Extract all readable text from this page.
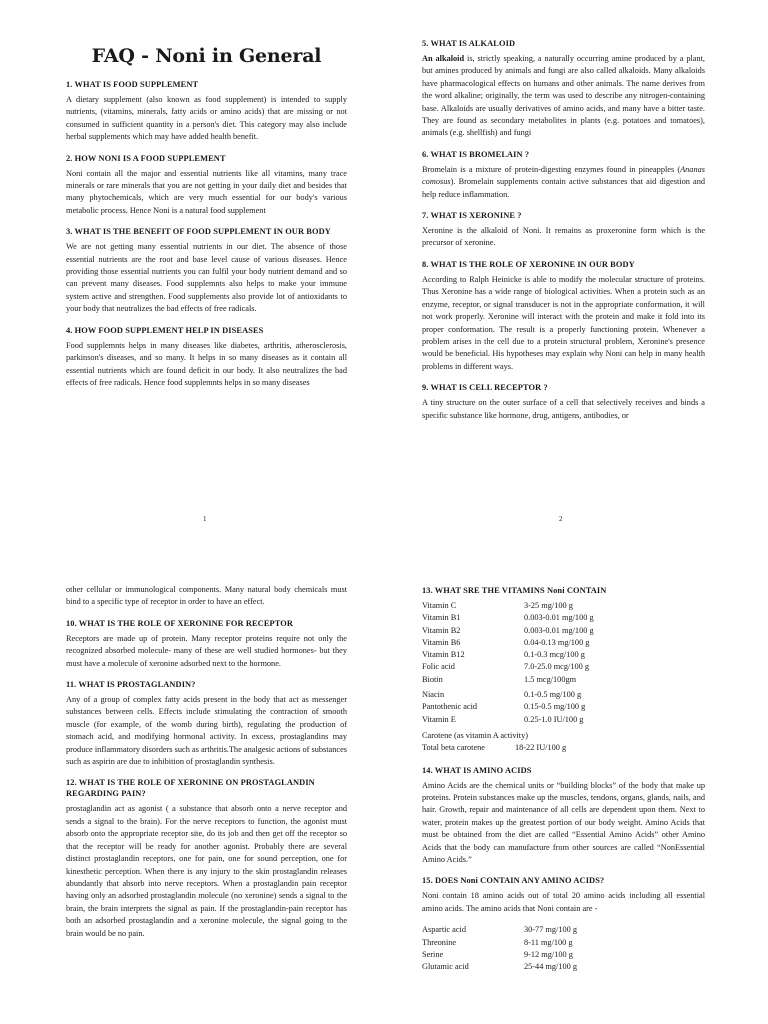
FAQ - Noni in General
1. WHAT IS FOOD SUPPLEMENT

A dietary supplement (also known as food supplement) is intended to supply nutrients, (vitamins, minerals, fatty acids or amino acids) that are missing or not consumed in sufficient quantity in a person's diet. This category may also include herbal supplements which may have added health benefit.

2. HOW NONI IS A FOOD SUPPLEMENT

Noni contain all the major and essential nutrients like all vitamins, many trace minerals or rare minerals that you are not getting in your daily diet and besides that many phytochemicals, which are very much essential for our body's various metabolic process. Hence Noni is a natural food supplement

3. WHAT IS THE BENEFIT OF FOOD SUPPLEMENT IN OUR BODY

We are not getting many essential nutrients in our diet. The absence of those essential nutrients are the root and base level cause of various diseases. Hence providing those essential nutrients you can fulfil your body nutrient demand and so can prevent many diseases. Food supplemnts also helps to make your immune system active and strengthen. Food supplements also provide lot of antioxidants to your body that neutralizes the bad effects of free radicals.

4. HOW FOOD SUPPLEMENT HELP IN DISEASES

Food supplemnts helps in many diseases like diabetes, arthritis, atherosclerosis, parkinson's diseases, and so many. It helps in so many diseases as it contain all essential nutrients which are found deficit in our body. It also neutralizes the bad effects of free radicals. Hence food supplemnts helps in so many diseases

1
5. WHAT IS ALKALOID

An alkaloid is, strictly speaking, a naturally occurring amine produced by a plant, but amines produced by animals and fungi are also called alkaloids. Many alkaloids have pharmacological effects on humans and other animals. The name derives from the word alkaline; originally, the term was used to describe any nitrogen-containing base. Alkaloids are usually derivatives of amino acids, and many have a bitter taste. They are found as secondary metabolites in plants (e.g. potatoes and tomatoes), animals (e.g. shellfish) and fungi

6. WHAT IS BROMELAIN ?

Bromelain is a mixture of protein-digesting enzymes found in pineapples (Ananas comosus). Bromelain supplements contain active substances that aid digestion and help reduce inflammation.

7. WHAT IS XERONINE ?

Xeronine is the alkaloid of Noni. It remains as proxeronine form which is the precursor of xeronine.

8. WHAT IS THE ROLE OF XERONINE IN OUR BODY

According to Ralph Heinicke is able to modify the molecular structure of proteins. Thus Xeronine has a wide range of biological activities. When a protein such as an enzyme, receptor, or signal transducer is not in the appropriate conformation, it will not work properly. Xeronine will interact with the protein and make it fold into its proper conformation. The result is a properly functioning protein. Whenever a problem arises in the cell due to a protein structural problem, Xeronine's presence would be beneficial. His hypotheses may explain why Noni can help in many health problems in different ways.

9. WHAT IS CELL RECEPTOR ?

A tiny structure on the outer surface of a cell that selectively receives and binds a specific substance like hormone, drug, antigens, antibodies, or

2

other cellular or immunological components. Many natural body chemicals must bind to a specific type of receptor in order to have an effect.

10. WHAT IS THE ROLE OF XERONINE FOR RECEPTOR

Receptors are made up of protein. Many receptor proteins require not only the recognized absorbed molecule- many of these are well studied hormones- but they must have a molecule of xeronine adsorbed next to the hormone.

11. WHAT IS PROSTAGLANDIN?

Any of a group of complex fatty acids present in the body that act as messenger substances between cells. Effects include stimulating the contraction of smooth muscle (for example, of the womb during birth), regulating the production of stomach acid, and modifying hormonal activity. In excess, prostaglandins may produce inflammatory disorders such as arthritis.The analgesic actions of substances such as aspirin are due to inhibition of prostaglandin synthesis.

12. WHAT IS THE ROLE OF XERONINE ON PROSTAGLANDIN REGARDING PAIN?

prostaglandin act as agonist ( a substance that absorb onto a nerve receptor and sends a signal to the brain). For the nerve receptors to function, the agonist must absorb onto the appropriate receptor site, do its job and then get off the receptor so that the receptor will be ready for another agonist. Probably there are several distinct prostaglandin receptors, one for pain, one for sound perception, one for kinesthetic perception. When there is any injury to the skin prostaglandin releases abundantly that absorb into nerve receptors. When a prostaglandin pain receptor having only an adsorbed prostaglandin molecule (no xeronine) sends a signal to the brain, the brain interprets the signal as pain. If the prostaglandin-pain receptor has both an adsorbed prostaglandin and a xeronine molecule, the signal going to the brain would be no pain.

13. WHAT SRE THE VITAMINS Noni CONTAIN
Vitamin C	3-25 mg/100 g
Vitamin B1	0.003-0.01 mg/100 g
Vitamin B2	0.003-0.01 mg/100 g
Vitamin B6	0.04-0.13 mg/100 g
Vitamin B12	0.1-0.3 mcg/100 g
Folic acid	7.0-25.0 mcg/100 g
Biotin	1.5 mcg/100gm
Niacin	0.1-0.5 mg/100 g
Pantothenic acid	0.15-0.5 mg/100 g
Vitamin E	0.25-1.0 IU/100 g
Carotene (as vitamin A activity)
Total beta carotene	18-22 IU/100 g
14. WHAT IS AMINO ACIDS

Amino Acids are the chemical units or “building blocks” of the body that make up proteins. Protein substances make up the muscles, tendons, organs, glands, nails, and hair. Growth, repair and maintenance of all cells are dependent upon them. Next to water, protein makes up the greatest portion of our body weight. Amino Acids that must be obtained from the diet are called “Essential Amino Acids” other Amino Acids that the body can manufacture from other sources are called “NonEssential Amino Acids.”

15. DOES Noni CONTAIN ANY AMINO ACIDS?

Noni contain 18 amino acids out of total 20 amino acids including all essential amino acids. The amino acids that Noni contain are -

Aspartic acid	30-77 mg/100 g
Threonine	8-11 mg/100 g
Serine	9-12 mg/100 g
Glutamic acid	25-44 mg/100 g
